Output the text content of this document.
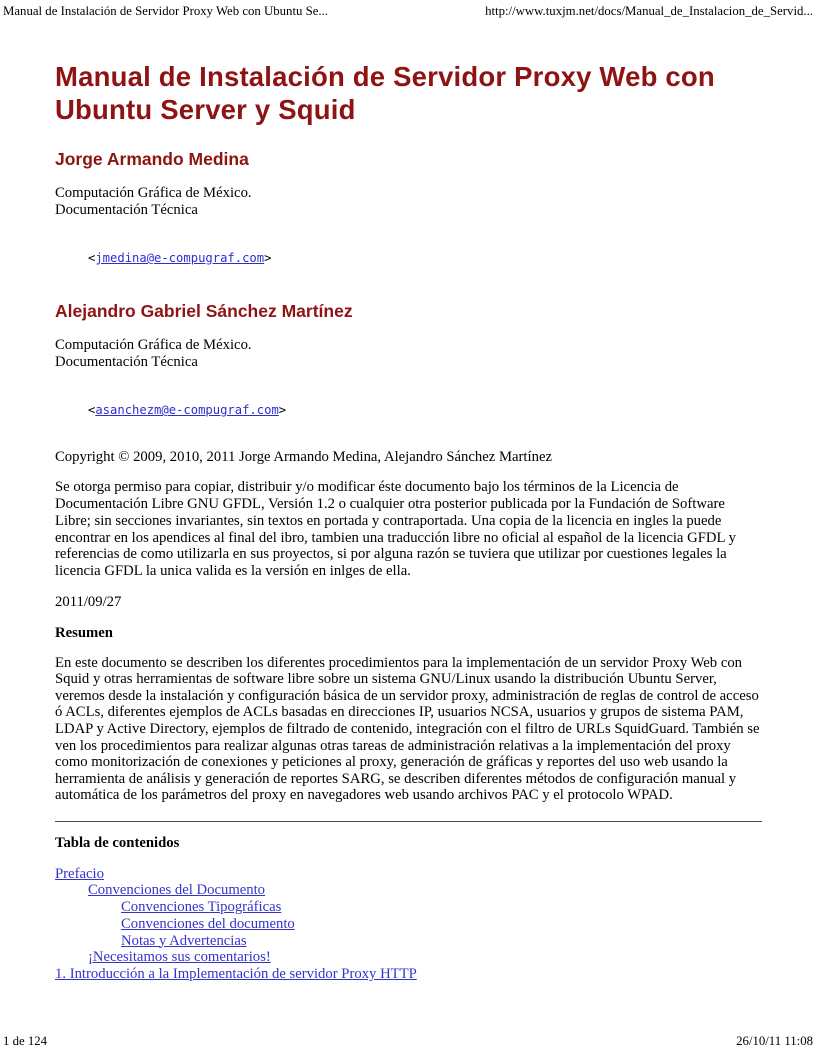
Manual de Instalación de Servidor Proxy Web con Ubuntu Se...	http://www.tuxjm.net/docs/Manual_de_Instalacion_de_Servid...
Manual de Instalación de Servidor Proxy Web con Ubuntu Server y Squid
Jorge Armando Medina

Computación Gráfica de México.
Documentación Técnica

<jmedina@e-compugraf.com>

Alejandro Gabriel Sánchez Martínez

Computación Gráfica de México.
Documentación Técnica

<asanchezm@e-compugraf.com>

Copyright © 2009, 2010, 2011 Jorge Armando Medina, Alejandro Sánchez Martínez

Se otorga permiso para copiar, distribuir y/o modificar éste documento bajo los términos de la Licencia de Documentación Libre GNU GFDL, Versión 1.2 o cualquier otra posterior publicada por la Fundación de Software Libre; sin secciones invariantes, sin textos en portada y contraportada. Una copia de la licencia en ingles la puede encontrar en los apendices al final del ibro, tambien una traducción libre no oficial al español de la licencia GFDL y referencias de como utilizarla en sus proyectos, si por alguna razón se tuviera que utilizar por cuestiones legales la licencia GFDL la unica valida es la versión en inlges de ella.

2011/09/27

Resumen

En este documento se describen los diferentes procedimientos para la implementación de un servidor Proxy Web con Squid y otras herramientas de software libre sobre un sistema GNU/Linux usando la distribución Ubuntu Server, veremos desde la instalación y configuración básica de un servidor proxy, administración de reglas de control de acceso ó ACLs, diferentes ejemplos de ACLs basadas en direcciones IP, usuarios NCSA, usuarios y grupos de sistema PAM, LDAP y Active Directory, ejemplos de filtrado de contenido, integración con el filtro de URLs SquidGuard. También se ven los procedimientos para realizar algunas otras tareas de administración relativas a la implementación del proxy como monitorización de conexiones y peticiones al proxy, generación de gráficas y reportes del uso web usando la herramienta de análisis y generación de reportes SARG, se describen diferentes métodos de configuración manual y automática de los parámetros del proxy en navegadores web usando archivos PAC y el protocolo WPAD.

Tabla de contenidos

Prefacio
Convenciones del Documento
Convenciones Tipográficas
Convenciones del documento
Notas y Advertencias
¡Necesitamos sus comentarios!
1. Introducción a la Implementación de servidor Proxy HTTP
1 de 124	26/10/11 11:08
